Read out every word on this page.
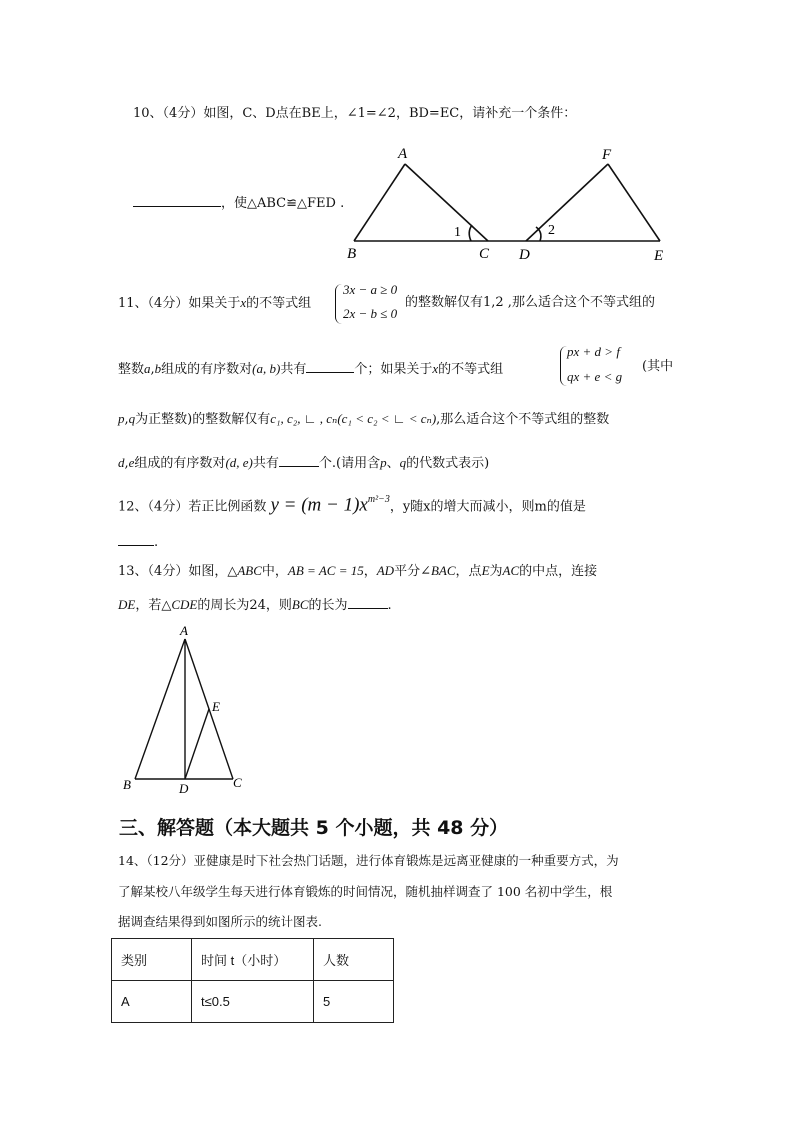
10、（4分）如图，C、D点在BE上，∠1=∠2，BD=EC，请补充一个条件：
，使△ABC≌△FED .
A
B	C D	E
F
1	2
11、（4分）如果关于x的不等式组
3x − a ≥ 0
2x − b ≤ 0
的整数解仅有1,2 ,那么适合这个不等式组的
整数a,b组成的有序数对(a, b)共有	个；如果关于x的不等式组
px + d > f
qx + e < g
(其中
p,q为正整数)的整数解仅有c₁, c₂, ∟ , cₙ(c₁ < c₂ < ∟ < cₙ),那么适合这个不等式组的整数
d,e组成的有序数对(d, e)共有	个.(请用含p、q的代数式表示)
12、（4分）若正比例函数 $y = (m - 1)x^{m^2-3}$，y随x的增大而减小，则m的值是
.
13、（4分）如图，△ABC中，AB = AC = 15，AD平分∠BAC，点E为AC的中点，连接
DE，若△CDE的周长为24，则BC的长为	.
A
B	C
D
E
三、解答题（本大题共 5 个小题，共 48 分）
14、（12分）亚健康是时下社会热门话题，进行体育锻炼是远离亚健康的一种重要方式，为
了解某校八年级学生每天进行体育锻炼的时间情况，随机抽样调查了 100 名初中学生，根
据调查结果得到如图所示的统计图表.
类别	时间 t（小时）	人数
A	t≤0.5	5
